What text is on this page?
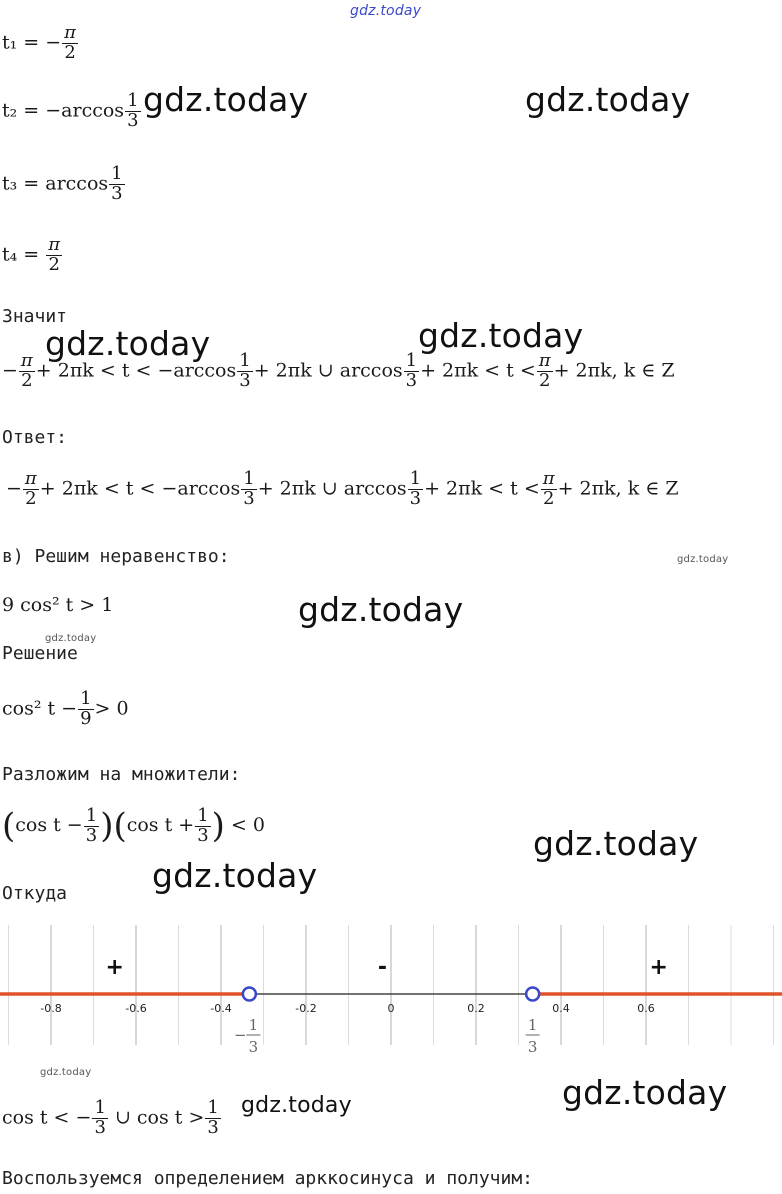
gdz.today
t₁ = − $\frac{\pi}{2}$
$t_2 = -\arccos \frac{1}{3}$ gdz.today	gdz.today
$t_3 = \arccos \frac{1}{3}$
$t_4 = \frac{\pi}{2}$
Значит
gdz.today	gdz.today
− $\frac{\pi}{2} + 2\pi k < t < -\arccos \frac{1}{3} + 2\pi k$ ∪ $\arccos \frac{1}{3} + 2\pi k < t < \frac{\pi}{2} + 2\pi k$, k ∈ Z
Ответ:
− $\frac{\pi}{2} + 2\pi k < t < -\arccos \frac{1}{3} + 2\pi k$ ∪ $\arccos \frac{1}{3} + 2\pi k < t < \frac{\pi}{2} + 2\pi k$, k ∈ Z
в) Решим неравенство:	gdz.today
9 cos² t > 1	gdz.today
gdz.today
Решение
cos² $t - \frac{1}{9} > 0$
Разложим на множители:
(cos $t - \frac{1}{3} )(\cos$ $t + \frac{1}{3}$ ) < 0	gdz.today
Откуда	gdz.today
-0.8	-0.6	-0.4	-0.2	0	0.2	0.4	0.6
+	-	+
1
3
−
1
3
gdz.today
cos t < − $\frac{1}{3}$ ∪ $\cos t > \frac{1}{3}$ gdz.today	gdz.today
Воспользуемся определением арккосинуса и получим:
